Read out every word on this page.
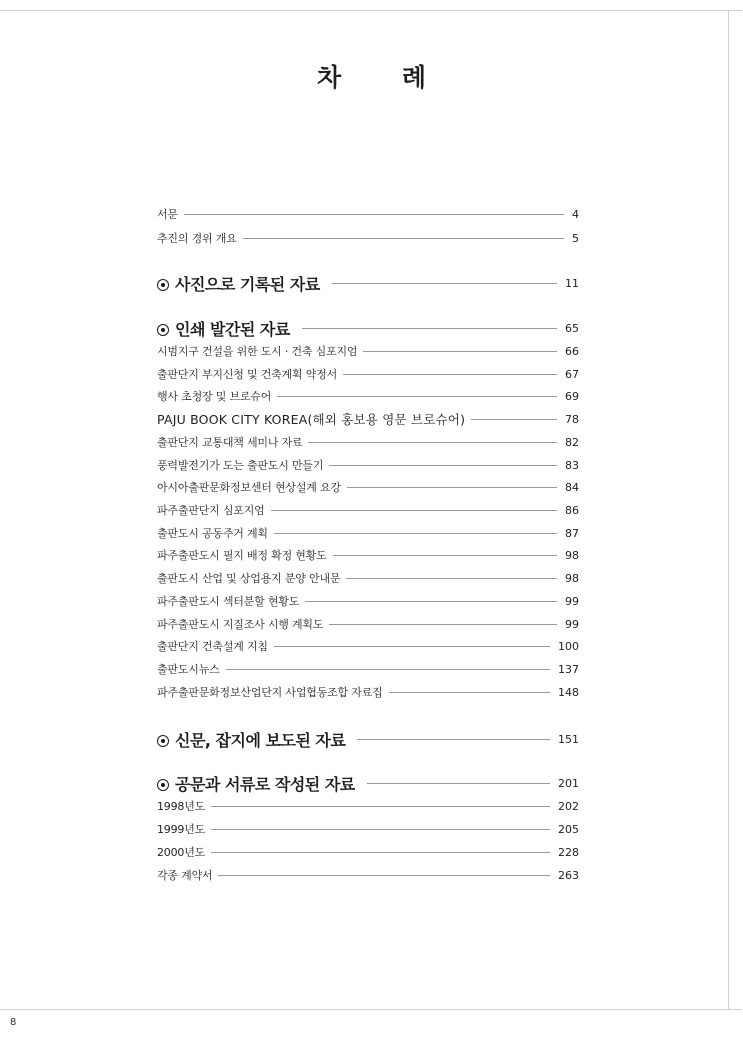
차 례
서문	4
추진의 경위 개요	5
사진으로 기록된 자료	11
인쇄 발간된 자료	65
시범지구 건설을 위한 도시 · 건축 심포지엄	66
출판단지 부지신청 및 건축계획 약정서	67
행사 초청장 및 브로슈어	69
PAJU BOOK CITY KOREA(해외 홍보용 영문 브로슈어)	78
출판단지 교통대책 세미나 자료	82
풍력발전기가 도는 출판도시 만들기	83
아시아출판문화정보센터 현상설계 요강	84
파주출판단지 심포지엄	86
출판도시 공동주거 계획	87
파주출판도시 필지 배정 확정 현황도	98
출판도시 산업 및 상업용지 분양 안내문	98
파주출판도시 섹터분할 현황도	99
파주출판도시 지질조사 시행 계획도	99
출판단지 건축설계 지침	100
출판도시뉴스	137
파주출판문화정보산업단지 사업협동조합 자료집	148
신문, 잡지에 보도된 자료	151
공문과 서류로 작성된 자료	201
1998년도	202
1999년도	205
2000년도	228
각종 계약서	263
8
